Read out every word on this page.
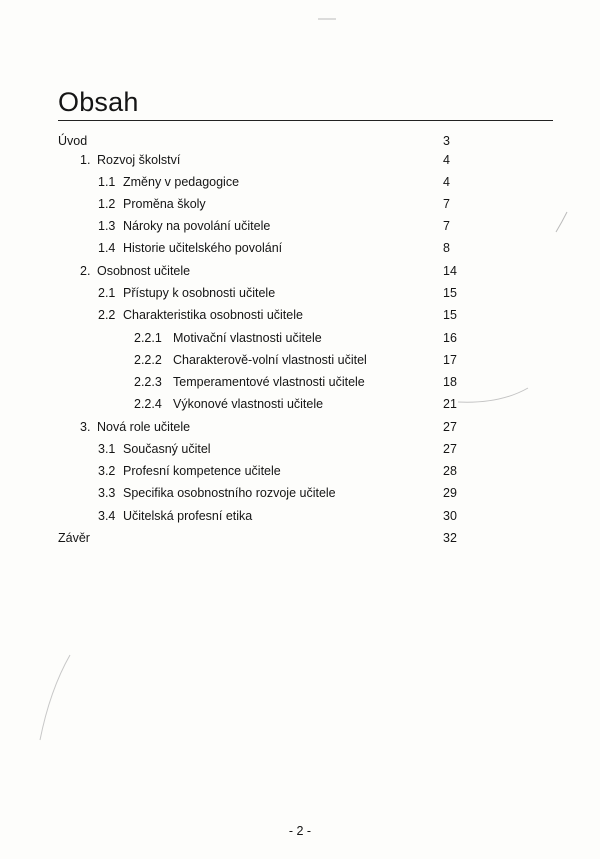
Obsah
Úvod	3
1. Rozvoj školství	4
1.1 Změny v pedagogice	4
1.2 Proměna školy	7
1.3 Nároky na povolání učitele	7
1.4 Historie učitelského povolání	8
2. Osobnost učitele	14
2.1 Přístupy k osobnosti učitele	15
2.2 Charakteristika osobnosti učitele	15
2.2.1 Motivační vlastnosti učitele	16
2.2.2 Charakterově-volní vlastnosti učitel	17
2.2.3 Temperamentové vlastnosti učitele	18
2.2.4 Výkonové vlastnosti učitele	21
3. Nová role učitele	27
3.1 Současný učitel	27
3.2 Profesní kompetence učitele	28
3.3 Specifika osobnostního rozvoje učitele	29
3.4 Učitelská profesní etika	30
Závěr	32
- 2 -
